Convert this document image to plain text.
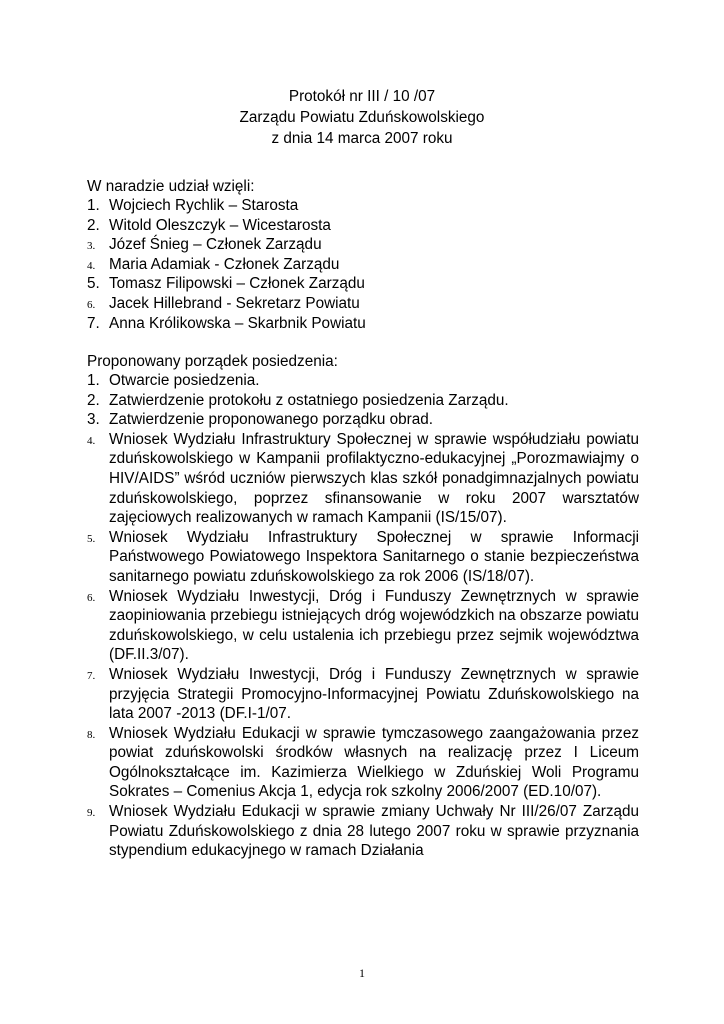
Protokół nr III / 10 /07
Zarządu Powiatu Zduńskowolskiego
z dnia 14 marca 2007 roku
W naradzie udział wzięli:
1. Wojciech Rychlik – Starosta
2. Witold Oleszczyk – Wicestarosta
3. Józef Śnieg – Członek Zarządu
4. Maria Adamiak - Członek Zarządu
5. Tomasz Filipowski – Członek Zarządu
6. Jacek Hillebrand - Sekretarz Powiatu
7. Anna Królikowska – Skarbnik Powiatu
Proponowany porządek posiedzenia:
1. Otwarcie posiedzenia.
2. Zatwierdzenie protokołu z ostatniego posiedzenia Zarządu.
3. Zatwierdzenie proponowanego porządku obrad.
4. Wniosek Wydziału Infrastruktury Społecznej w sprawie współudziału powiatu zduńskowolskiego w Kampanii profilaktyczno-edukacyjnej „Porozmawiajmy o HIV/AIDS” wśród uczniów pierwszych klas szkół ponadgimnazjalnych powiatu zduńskowolskiego, poprzez sfinansowanie w roku 2007 warsztatów zajęciowych realizowanych w ramach Kampanii (IS/15/07).
5. Wniosek Wydziału Infrastruktury Społecznej w sprawie Informacji Państwowego Powiatowego Inspektora Sanitarnego o stanie bezpieczeństwa sanitarnego powiatu zduńskowolskiego za rok 2006 (IS/18/07).
6. Wniosek Wydziału Inwestycji, Dróg i Funduszy Zewnętrznych w sprawie zaopiniowania przebiegu istniejących dróg wojewódzkich na obszarze powiatu zduńskowolskiego, w celu ustalenia ich przebiegu przez sejmik województwa (DF.II.3/07).
7. Wniosek Wydziału Inwestycji, Dróg i Funduszy Zewnętrznych w sprawie przyjęcia Strategii Promocyjno-Informacyjnej Powiatu Zduńskowolskiego na lata 2007 -2013 (DF.I-1/07.
8. Wniosek Wydziału Edukacji w sprawie tymczasowego zaangażowania przez powiat zduńskowolski środków własnych na realizację przez I Liceum Ogólnokształcące im. Kazimierza Wielkiego w Zduńskiej Woli Programu Sokrates – Comenius Akcja 1, edycja rok szkolny 2006/2007 (ED.10/07).
9. Wniosek Wydziału Edukacji w sprawie zmiany Uchwały Nr III/26/07 Zarządu Powiatu Zduńskowolskiego z dnia 28 lutego 2007 roku w sprawie przyznania stypendium edukacyjnego w ramach Działania
1
